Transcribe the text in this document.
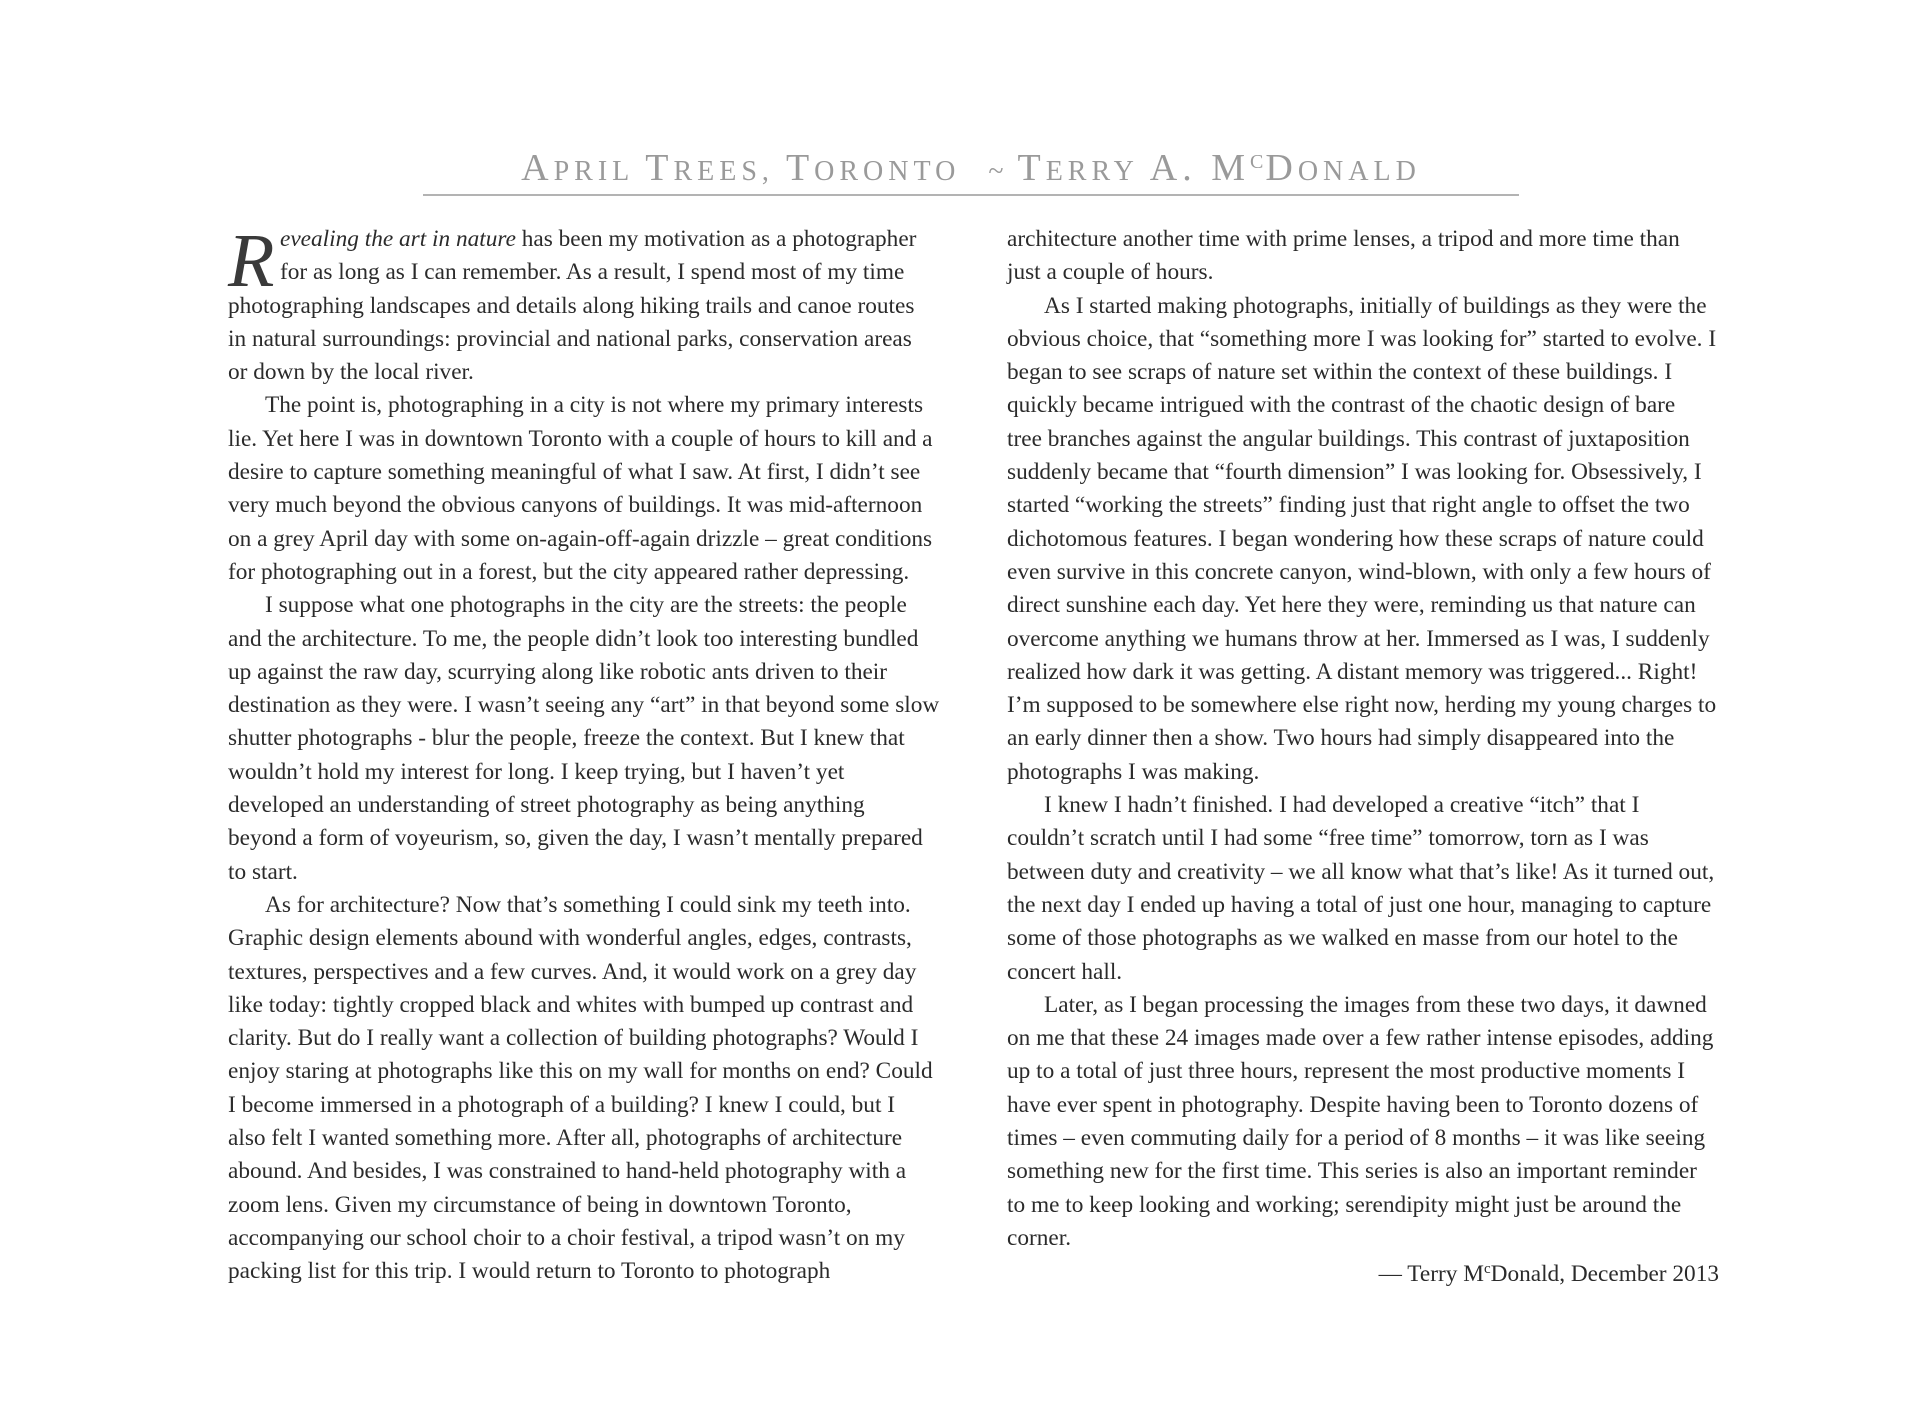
APRIL TREES, TORONTO ~ TERRY A. MCDONALD
R evealing the art in nature has been my motivation as a photographer
for as long as I can remember. As a result, I spend most of my time
photographing landscapes and details along hiking trails and canoe routes
in natural surroundings: provincial and national parks, conservation areas
or down by the local river.
The point is, photographing in a city is not where my primary interests
lie. Yet here I was in downtown Toronto with a couple of hours to kill and a
desire to capture something meaningful of what I saw. At first, I didn’t see
very much beyond the obvious canyons of buildings. It was mid-afternoon
on a grey April day with some on-again-off-again drizzle – great conditions
for photographing out in a forest, but the city appeared rather depressing.
I suppose what one photographs in the city are the streets: the people
and the architecture. To me, the people didn’t look too interesting bundled
up against the raw day, scurrying along like robotic ants driven to their
destination as they were. I wasn’t seeing any “art” in that beyond some slow
shutter photographs - blur the people, freeze the context. But I knew that
wouldn’t hold my interest for long. I keep trying, but I haven’t yet
developed an understanding of street photography as being anything
beyond a form of voyeurism, so, given the day, I wasn’t mentally prepared
to start.
As for architecture? Now that’s something I could sink my teeth into.
Graphic design elements abound with wonderful angles, edges, contrasts,
textures, perspectives and a few curves. And, it would work on a grey day
like today: tightly cropped black and whites with bumped up contrast and
clarity. But do I really want a collection of building photographs? Would I
enjoy staring at photographs like this on my wall for months on end? Could
I become immersed in a photograph of a building? I knew I could, but I
also felt I wanted something more. After all, photographs of architecture
abound. And besides, I was constrained to hand-held photography with a
zoom lens. Given my circumstance of being in downtown Toronto,
accompanying our school choir to a choir festival, a tripod wasn’t on my
packing list for this trip. I would return to Toronto to photograph
architecture another time with prime lenses, a tripod and more time than
just a couple of hours.
As I started making photographs, initially of buildings as they were the
obvious choice, that “something more I was looking for” started to evolve. I
began to see scraps of nature set within the context of these buildings. I
quickly became intrigued with the contrast of the chaotic design of bare
tree branches against the angular buildings. This contrast of juxtaposition
suddenly became that “fourth dimension” I was looking for. Obsessively, I
started “working the streets” finding just that right angle to offset the two
dichotomous features. I began wondering how these scraps of nature could
even survive in this concrete canyon, wind-blown, with only a few hours of
direct sunshine each day. Yet here they were, reminding us that nature can
overcome anything we humans throw at her. Immersed as I was, I suddenly
realized how dark it was getting. A distant memory was triggered... Right!
I’m supposed to be somewhere else right now, herding my young charges to
an early dinner then a show. Two hours had simply disappeared into the
photographs I was making.
I knew I hadn’t finished. I had developed a creative “itch” that I
couldn’t scratch until I had some “free time” tomorrow, torn as I was
between duty and creativity – we all know what that’s like! As it turned out,
the next day I ended up having a total of just one hour, managing to capture
some of those photographs as we walked en masse from our hotel to the
concert hall.
Later, as I began processing the images from these two days, it dawned
on me that these 24 images made over a few rather intense episodes, adding
up to a total of just three hours, represent the most productive moments I
have ever spent in photography. Despite having been to Toronto dozens of
times – even commuting daily for a period of 8 months – it was like seeing
something new for the first time. This series is also an important reminder
to me to keep looking and working; serendipity might just be around the
corner.
— Terry $M^cDonald$, December 2013
